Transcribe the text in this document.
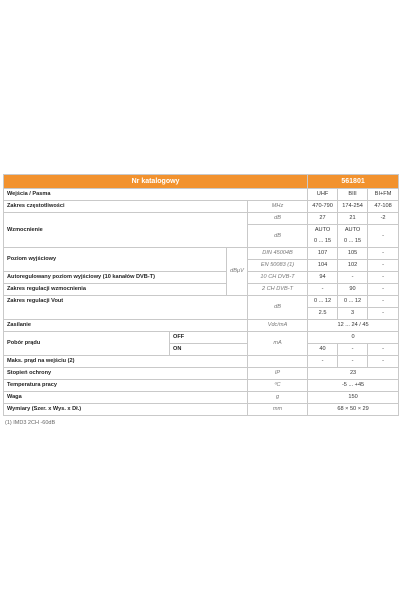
Nr katalogowy				561801		
Wejścia / Pasma				UHF	BIII	BI+FM
Zakres częstotliwości			MHz	470-790	174-254	47-108
Wzmocnienie			dB	27	21	-2
			dB	AUTO	AUTO	-
				0 ... 15	0 ... 15	
Poziom wyjściowy		dBµV	DIN 45004B	107	105	-
			EN 50083 (1)	104	102	-
Autoregulowany poziom wyjściowy (10 kanałów DVB-T)			10 CH DVB-T	94	-	-
Zakres regulacji wzmocnienia			2 CH DVB-T	-	90	-
Zakres regulacji Vout			dB	0 ... 12	0 ... 12	-
				2.5	3	-
Zasilanie			Vdc/mA	12 ... 24 / 45		
Pobór prądu	OFF		mA	0		
	ON			40	-	-
Maks. prąd na wejściu (2)				-	-	-
Stopień ochrony			IP	23		
Temperatura pracy			ºC	-5 ... +45		
Waga			g	150		
Wymiary (Szer. x Wys. x Dł.)			mm	68 × 50 × 29		
(1) IMD3 2CH -60dB
